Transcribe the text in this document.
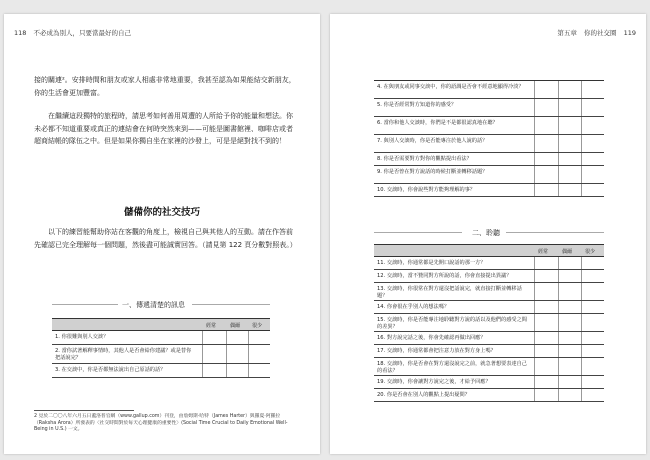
118 不必成為別人，只要當最好的自己

接的關連²。安排時間和朋友或家人相處非常地重要，我甚至認為如果能結交新朋友，你的生活會更加豐富。

在繼續這段獨特的旅程時，請思考如何善用周遭的人所給予你的能量和想法。你未必都不知道重要或真正的連結會在何時突然來到——可能是圖書館裡、咖啡店或者超商結帳的隊伍之中。但是如果你獨自坐在家裡的沙發上，可是是絕對找不到的！

儲備你的社交技巧

以下的練習能幫助你站在客觀的角度上，檢視自己與其他人的互動。請在作答前先確認已完全理解每一個問題，然後盡可能誠實回答。（請見第 122 頁分數對照表。）

一、傳遞清楚的訊息
經常	偶爾 很少
1. 你很難與別人交談？
2. 當你試著解釋事情時，其他人是否會給你建議？或是替你把話說完？
3. 在交談中，你是否都無法說出自己原話的話？

2 見於二〇〇八年六月五日蓋洛普官網（www.gallup.com）刊登，由詹姆斯·哈特（James Harter）與羅夏·阿羅拉（Raksha Arora）所發表的〈社交時間對於每天心理健康的重要性〉(Social Time Crucial to Daily Emotional Well-Being in U.S.) 一文。

第五章 你的社交圈 119
4. 在與朋友或同事交談中，你的語調是否會不經意地顯得冷淡？
5. 你是否經常對方知道你的感受？
6. 當你和他人交談時，你們是不是都很認真地在聽？
7. 與別人交談時，你是否能專注於他人說的話？
8. 你是否需要對方對你的觀點提出看法？
9. 你是否曾在對方說話的時候打斷並轉移話題？
10. 交談時，你會說些對方能夠理解的事？
二、聆聽
經常	偶爾	很少
11. 交談時，你通常都是先開口說話的那一方？
12. 交談時，當不贊同對方所說的話，你會直接提出異議？
13. 交談時，你很常在對方還沒把話說完，就直接打斷並轉移話題？
14. 你會很在乎別人的想法嗎？
15. 交談時，你是否能專注地聆聽對方說的話以及他們的感受之間的差異？
16. 對方說完話之後，你會先確認再做出回應？
17. 交談時，你通常都會把注意力放在對方身上嗎？
18. 交談時，你是否會在對方還沒說完之前，就急著想要表達自己的看法？
19. 交談時，你會讓對方說完之後，才給予回應？
20. 你是否會在別人的觀點上提出疑問？
